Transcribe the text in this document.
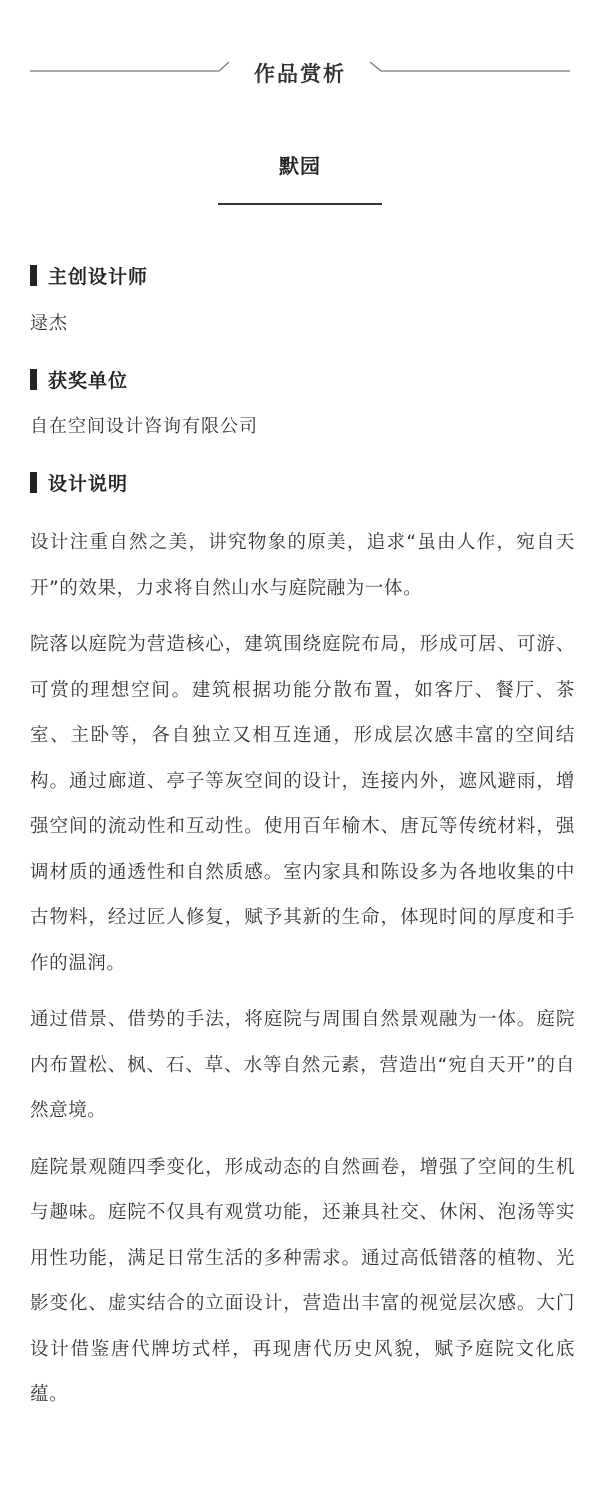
作品赏析
默园
主创设计师
逯杰
获奖单位
自在空间设计咨询有限公司
设计说明

设计注重自然之美，讲究物象的原美，追求“虽由人作，宛自天开”的效果，力求将自然山水与庭院融为一体。

院落以庭院为营造核心，建筑围绕庭院布局，形成可居、可游、可赏的理想空间。建筑根据功能分散布置，如客厅、餐厅、茶室、主卧等，各自独立又相互连通，形成层次感丰富的空间结构。通过廊道、亭子等灰空间的设计，连接内外，遮风避雨，增强空间的流动性和互动性。使用百年榆木、唐瓦等传统材料，强调材质的通透性和自然质感。室内家具和陈设多为各地收集的中古物料，经过匠人修复，赋予其新的生命，体现时间的厚度和手作的温润。

通过借景、借势的手法，将庭院与周围自然景观融为一体。庭院内布置松、枫、石、草、水等自然元素，营造出“宛自天开”的自然意境。

庭院景观随四季变化，形成动态的自然画卷，增强了空间的生机与趣味。庭院不仅具有观赏功能，还兼具社交、休闲、泡汤等实用性功能，满足日常生活的多种需求。通过高低错落的植物、光影变化、虚实结合的立面设计，营造出丰富的视觉层次感。大门设计借鉴唐代牌坊式样，再现唐代历史风貌，赋予庭院文化底蕴。
